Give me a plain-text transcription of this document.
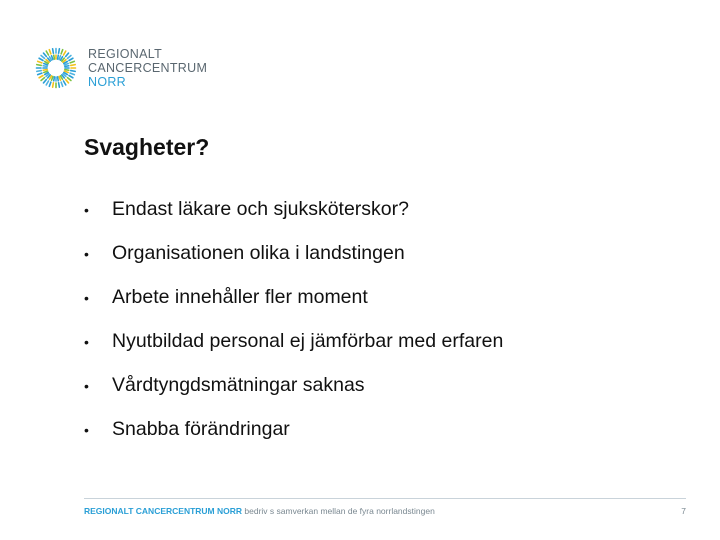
REGIONALT
CANCERCENTRUM
NORR
Svagheter?
•	Endast läkare och sjuksköterskor?
•	Organisationen olika i landstingen
•	Arbete innehåller fler moment
•	Nyutbildad personal ej jämförbar med erfaren
•	Vårdtyngdsmätningar saknas
•	Snabba förändringar
REGIONALT CANCERCENTRUM NORR bedriv s samverkan mellan de fyra norrlandstingen	7
